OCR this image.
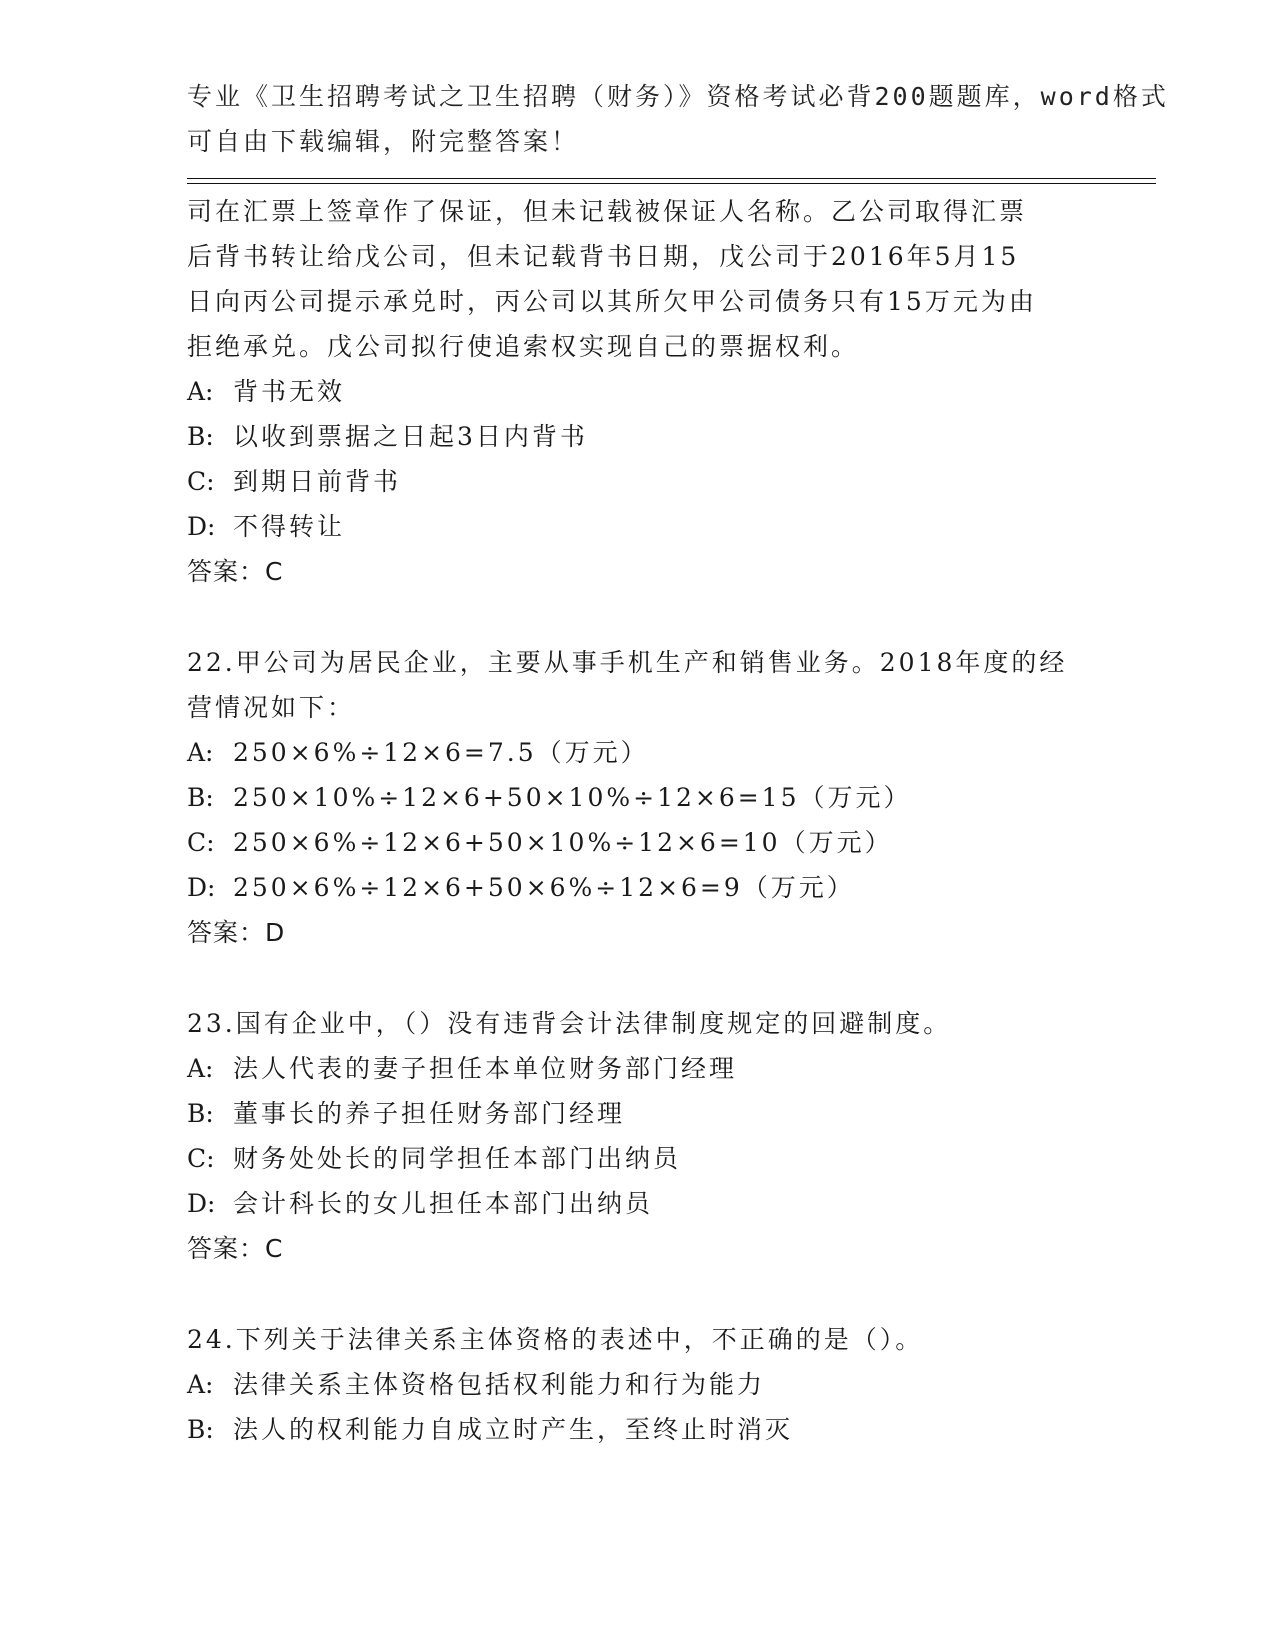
专业《卫生招聘考试之卫生招聘（财务）》资格考试必背200题题库，word格式
可自由下载编辑，附完整答案！
司在汇票上签章作了保证，但未记载被保证人名称。乙公司取得汇票
后背书转让给戊公司，但未记载背书日期，戊公司于2016年5月15
日向丙公司提示承兑时，丙公司以其所欠甲公司债务只有15万元为由
拒绝承兑。戊公司拟行使追索权实现自己的票据权利。
A: 背书无效
B: 以收到票据之日起3日内背书
C: 到期日前背书
D: 不得转让
答案：C
22.甲公司为居民企业，主要从事手机生产和销售业务。2018年度的经
营情况如下：
A: 250×6%÷12×6=7.5（万元）
B: 250×10%÷12×6+50×10%÷12×6=15（万元）
C: 250×6%÷12×6+50×10%÷12×6=10（万元）
D: 250×6%÷12×6+50×6%÷12×6=9（万元）
答案：D
23.国有企业中，（）没有违背会计法律制度规定的回避制度。
A: 法人代表的妻子担任本单位财务部门经理
B: 董事长的养子担任财务部门经理
C: 财务处处长的同学担任本部门出纳员
D: 会计科长的女儿担任本部门出纳员
答案：C
24.下列关于法律关系主体资格的表述中，不正确的是（）。
A: 法律关系主体资格包括权利能力和行为能力
B: 法人的权利能力自成立时产生，至终止时消灭
